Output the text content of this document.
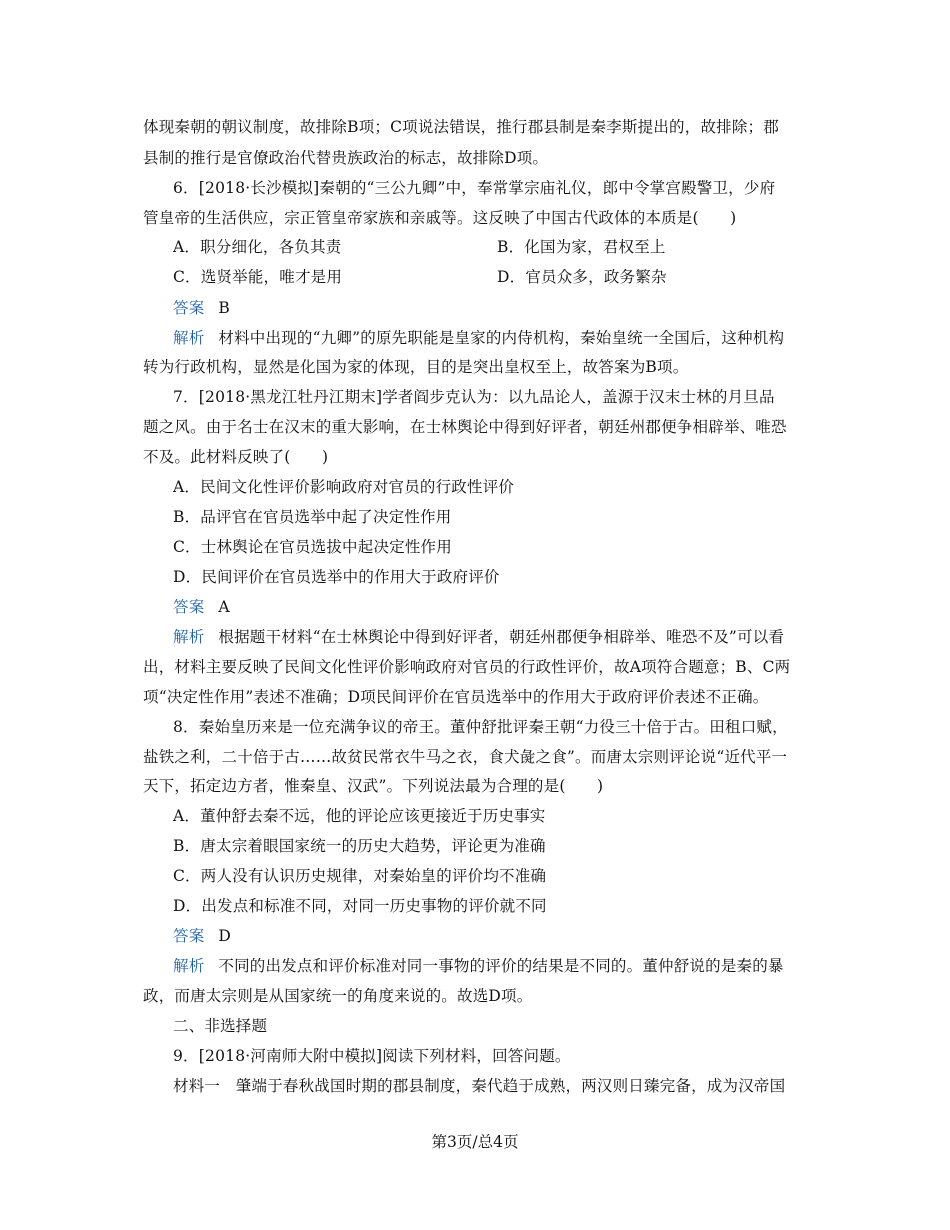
体现秦朝的朝议制度，故排除B项；C项说法错误，推行郡县制是秦李斯提出的，故排除；郡
县制的推行是官僚政治代替贵族政治的标志，故排除D项。
6．[2018·长沙模拟]秦朝的“三公九卿”中，奉常掌宗庙礼仪，郎中令掌宫殿警卫，少府
管皇帝的生活供应，宗正管皇帝家族和亲戚等。这反映了中国古代政体的本质是(　　)
A．职分细化，各负其责	B．化国为家，君权至上
C．选贤举能，唯才是用	D．官员众多，政务繁杂
答案 B
解析 材料中出现的“九卿”的原先职能是皇家的内侍机构，秦始皇统一全国后，这种机构
转为行政机构，显然是化国为家的体现，目的是突出皇权至上，故答案为B项。
7．[2018·黑龙江牡丹江期末]学者阎步克认为：以九品论人，盖源于汉末士林的月旦品
题之风。由于名士在汉末的重大影响，在士林舆论中得到好评者，朝廷州郡便争相辟举、唯恐
不及。此材料反映了(　　)
A．民间文化性评价影响政府对官员的行政性评价
B．品评官在官员选举中起了决定性作用
C．士林舆论在官员选拔中起决定性作用
D．民间评价在官员选举中的作用大于政府评价
答案 A
解析 根据题干材料“在士林舆论中得到好评者，朝廷州郡便争相辟举、唯恐不及”可以看
出，材料主要反映了民间文化性评价影响政府对官员的行政性评价，故A项符合题意；B、C两
项“决定性作用”表述不准确；D项民间评价在官员选举中的作用大于政府评价表述不正确。
8．秦始皇历来是一位充满争议的帝王。董仲舒批评秦王朝“力役三十倍于古。田租口赋，
盐铁之利，二十倍于古……故贫民常衣牛马之衣，食犬彘之食”。而唐太宗则评论说“近代平一
天下，拓定边方者，惟秦皇、汉武”。下列说法最为合理的是(　　)
A．董仲舒去秦不远，他的评论应该更接近于历史事实
B．唐太宗着眼国家统一的历史大趋势，评论更为准确
C．两人没有认识历史规律，对秦始皇的评价均不准确
D．出发点和标准不同，对同一历史事物的评价就不同
答案 D
解析 不同的出发点和评价标准对同一事物的评价的结果是不同的。董仲舒说的是秦的暴
政，而唐太宗则是从国家统一的角度来说的。故选D项。
二、非选择题
9．[2018·河南师大附中模拟]阅读下列材料，回答问题。
材料一　肇端于春秋战国时期的郡县制度，秦代趋于成熟，两汉则日臻完备，成为汉帝国
第3页/总4页
